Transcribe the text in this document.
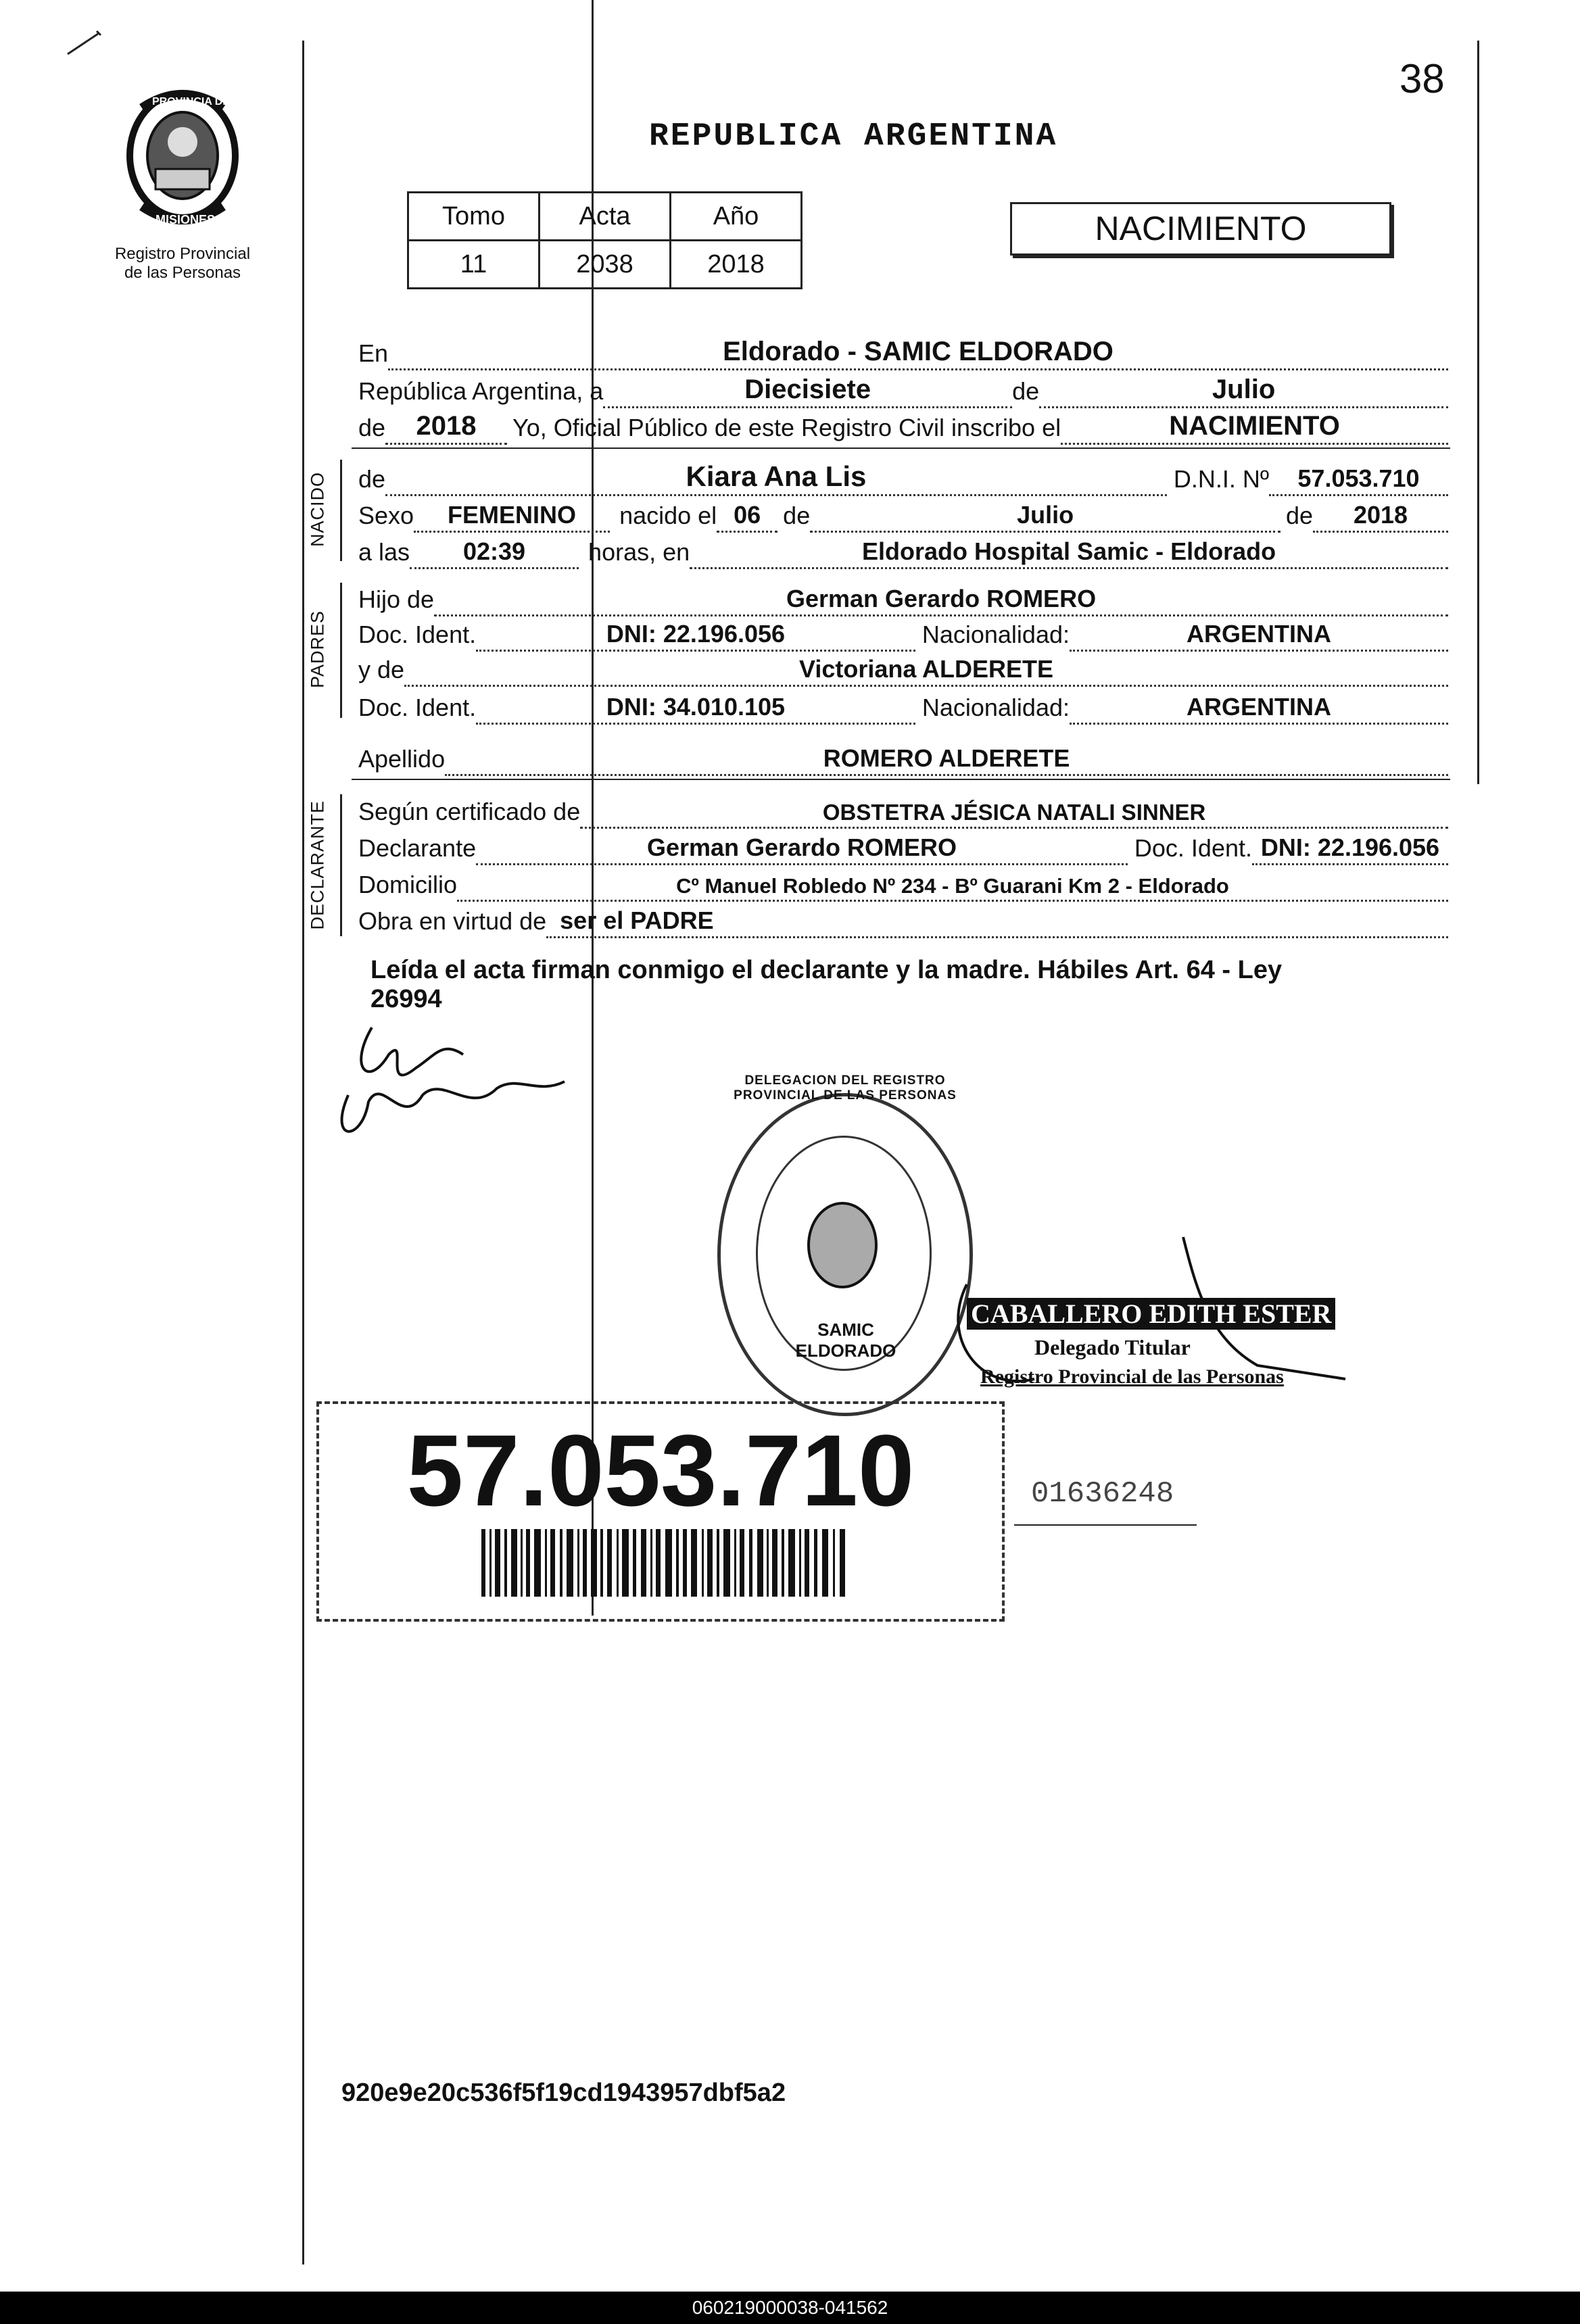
PROVINCIA DE
MISIONES
Registro Provincial
de las Personas
38
REPUBLICA ARGENTINA
Tomo	Acta	Año
11	2038	2018
NACIMIENTO
En	Eldorado - SAMIC ELDORADO
República Argentina, a	Diecisiete	de	Julio
de	2018	Yo, Oficial Público de este Registro Civil inscribo el	NACIMIENTO
NACIDO de	Kiara Ana Lis	D.N.I. Nº	57.053.710
Sexo	FEMENINO	nacido el 06 de	Julio	de	2018
a las	02:39	horas, en	Eldorado Hospital Samic - Eldorado
PADRES
Hijo de	German Gerardo ROMERO
Doc. Ident.	DNI: 22.196.056	Nacionalidad:	ARGENTINA
y de	Victoriana ALDERETE
Doc. Ident.	DNI: 34.010.105	Nacionalidad:	ARGENTINA
Apellido	ROMERO ALDERETE
DECLARANTE Según certificado de	OBSTETRA JÉSICA NATALI SINNER
Declarante	German Gerardo ROMERO	Doc. Ident. DNI: 22.196.056
Domicilio	Cº Manuel Robledo Nº 234 - Bº Guarani Km 2 - Eldorado
Obra en virtud de ser el PADRE
Leída el acta firman conmigo el declarante y la madre. Hábiles Art. 64 - Ley
26994
DELEGACION DEL REGISTRO PROVINCIAL DE LAS PERSONAS
SAMIC ELDORADO
CABALLERO EDITH ESTER
Delegado Titular
Registro Provincial de las Personas
57.053.710	01636248
920e9e20c536f5f19cd1943957dbf5a2
060219000038-041562
